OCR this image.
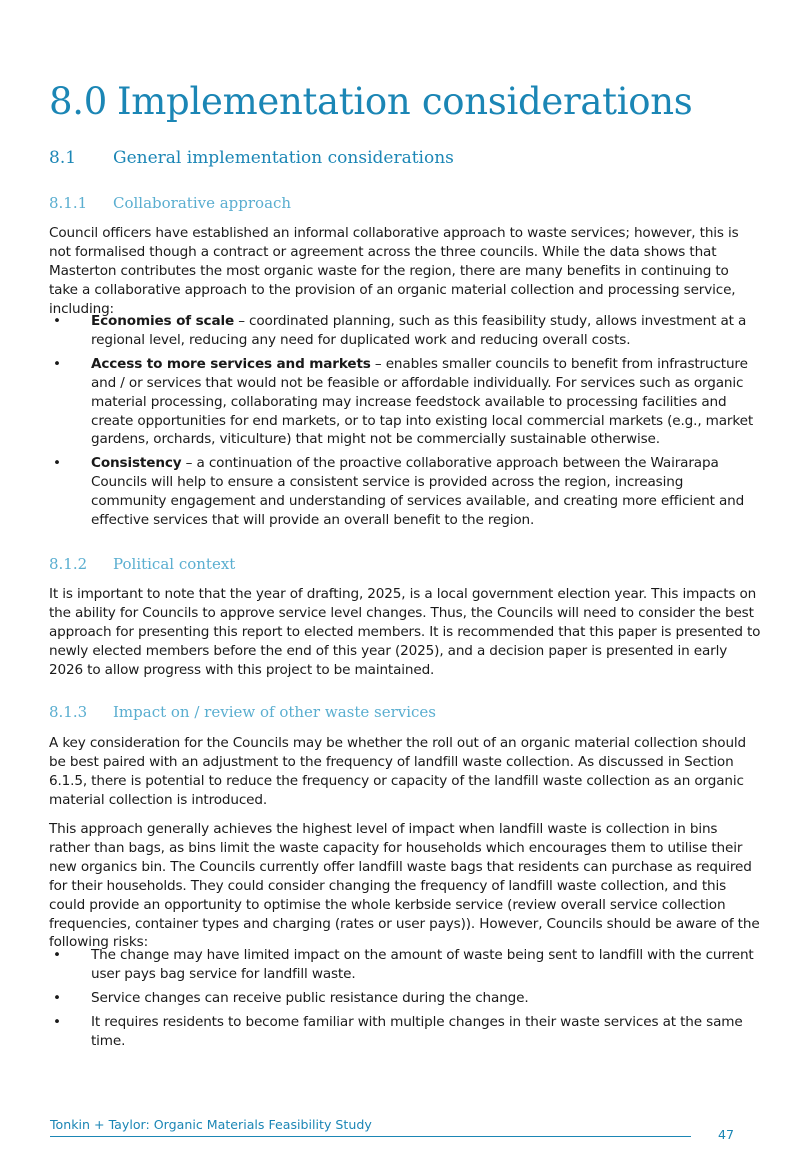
8.0 Implementation considerations
8.1 General implementation considerations
8.1.1 Collaborative approach

Council officers have established an informal collaborative approach to waste services; however, this is not formalised though a contract or agreement across the three councils. While the data shows that Masterton contributes the most organic waste for the region, there are many benefits in continuing to take a collaborative approach to the provision of an organic material collection and processing service, including:

• Economies of scale – coordinated planning, such as this feasibility study, allows investment at a regional level, reducing any need for duplicated work and reducing overall costs.
• Access to more services and markets – enables smaller councils to benefit from infrastructure and / or services that would not be feasible or affordable individually. For services such as organic material processing, collaborating may increase feedstock available to processing facilities and create opportunities for end markets, or to tap into existing local commercial markets (e.g., market gardens, orchards, viticulture) that might not be commercially sustainable otherwise.
• Consistency – a continuation of the proactive collaborative approach between the Wairarapa Councils will help to ensure a consistent service is provided across the region, increasing community engagement and understanding of services available, and creating more efficient and effective services that will provide an overall benefit to the region.
8.1.2 Political context

It is important to note that the year of drafting, 2025, is a local government election year. This impacts on the ability for Councils to approve service level changes. Thus, the Councils will need to consider the best approach for presenting this report to elected members. It is recommended that this paper is presented to newly elected members before the end of this year (2025), and a decision paper is presented in early 2026 to allow progress with this project to be maintained.

8.1.3 Impact on / review of other waste services

A key consideration for the Councils may be whether the roll out of an organic material collection should be best paired with an adjustment to the frequency of landfill waste collection. As discussed in Section 6.1.5, there is potential to reduce the frequency or capacity of the landfill waste collection as an organic material collection is introduced.

This approach generally achieves the highest level of impact when landfill waste is collection in bins rather than bags, as bins limit the waste capacity for households which encourages them to utilise their new organics bin. The Councils currently offer landfill waste bags that residents can purchase as required for their households. They could consider changing the frequency of landfill waste collection, and this could provide an opportunity to optimise the whole kerbside service (review overall service collection frequencies, container types and charging (rates or user pays)). However, Councils should be aware of the following risks:

• The change may have limited impact on the amount of waste being sent to landfill with the current user pays bag service for landfill waste.
• Service changes can receive public resistance during the change.
• It requires residents to become familiar with multiple changes in their waste services at the same time.

Tonkin + Taylor: Organic Materials Feasibility Study

47
